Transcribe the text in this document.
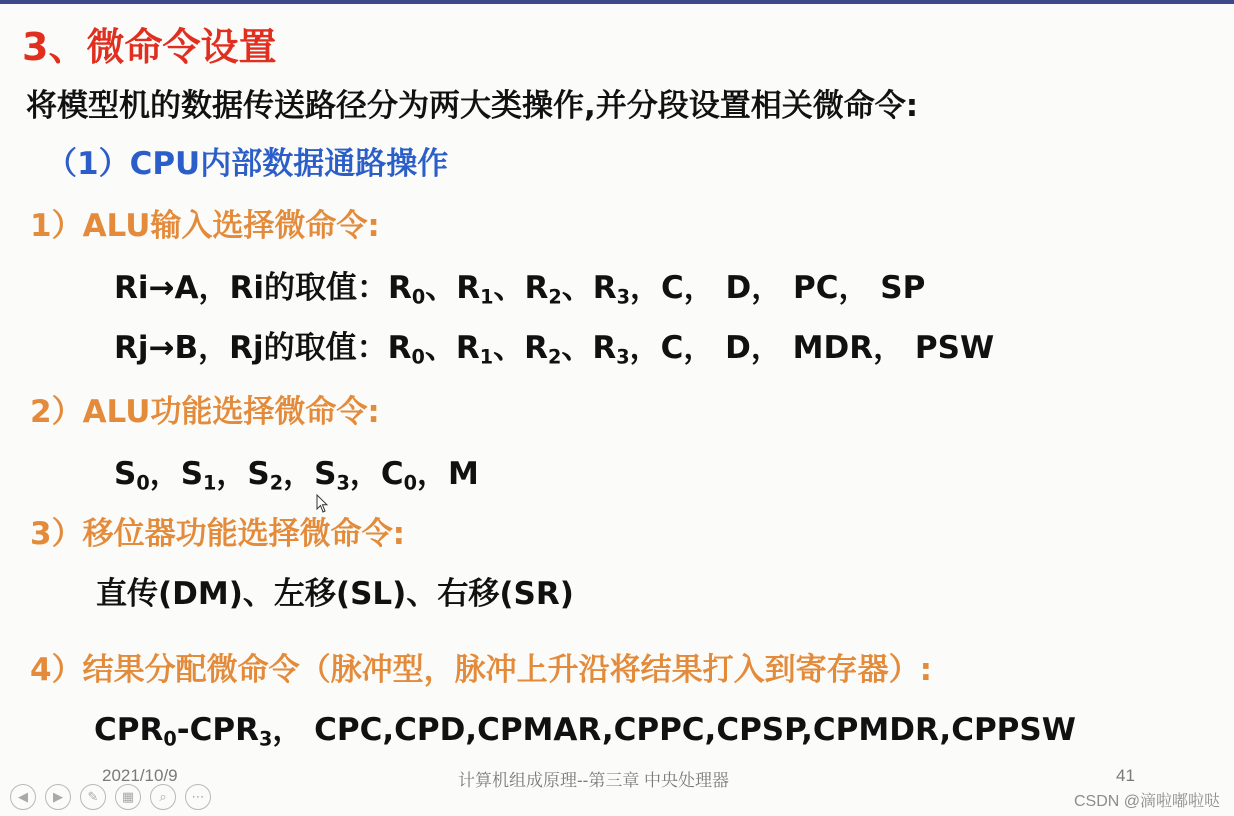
3、微命令设置

将模型机的数据传送路径分为两大类操作,并分段设置相关微命令:

（1）CPU内部数据通路操作

1）ALU输入选择微命令:

Ri→A，Ri的取值：$R_0$、$R_1$、$R_2$、$R_3$，C， D， PC， SP

Rj→B，Rj的取值：$R_0$、$R_1$、$R_2$、$R_3$，C， D， MDR， PSW

2）ALU功能选择微命令:

$S_0$，$S_1$，$S_2$，$S_3$，$C_0$，M

3）移位器功能选择微命令:

直传(DM)、左移(SL)、右移(SR)

4）结果分配微命令（脉冲型，脉冲上升沿将结果打入到寄存器）:

$CPR_0-CPR_3$， CPC,CPD,CPMAR,CPPC,CPSP,CPMDR,CPPSW

2021/10/9	计算机组成原理--第三章 中央处理器	41
◀	▶	✎	▦	⌕	⋯	CSDN @滴啦嘟啦哒
